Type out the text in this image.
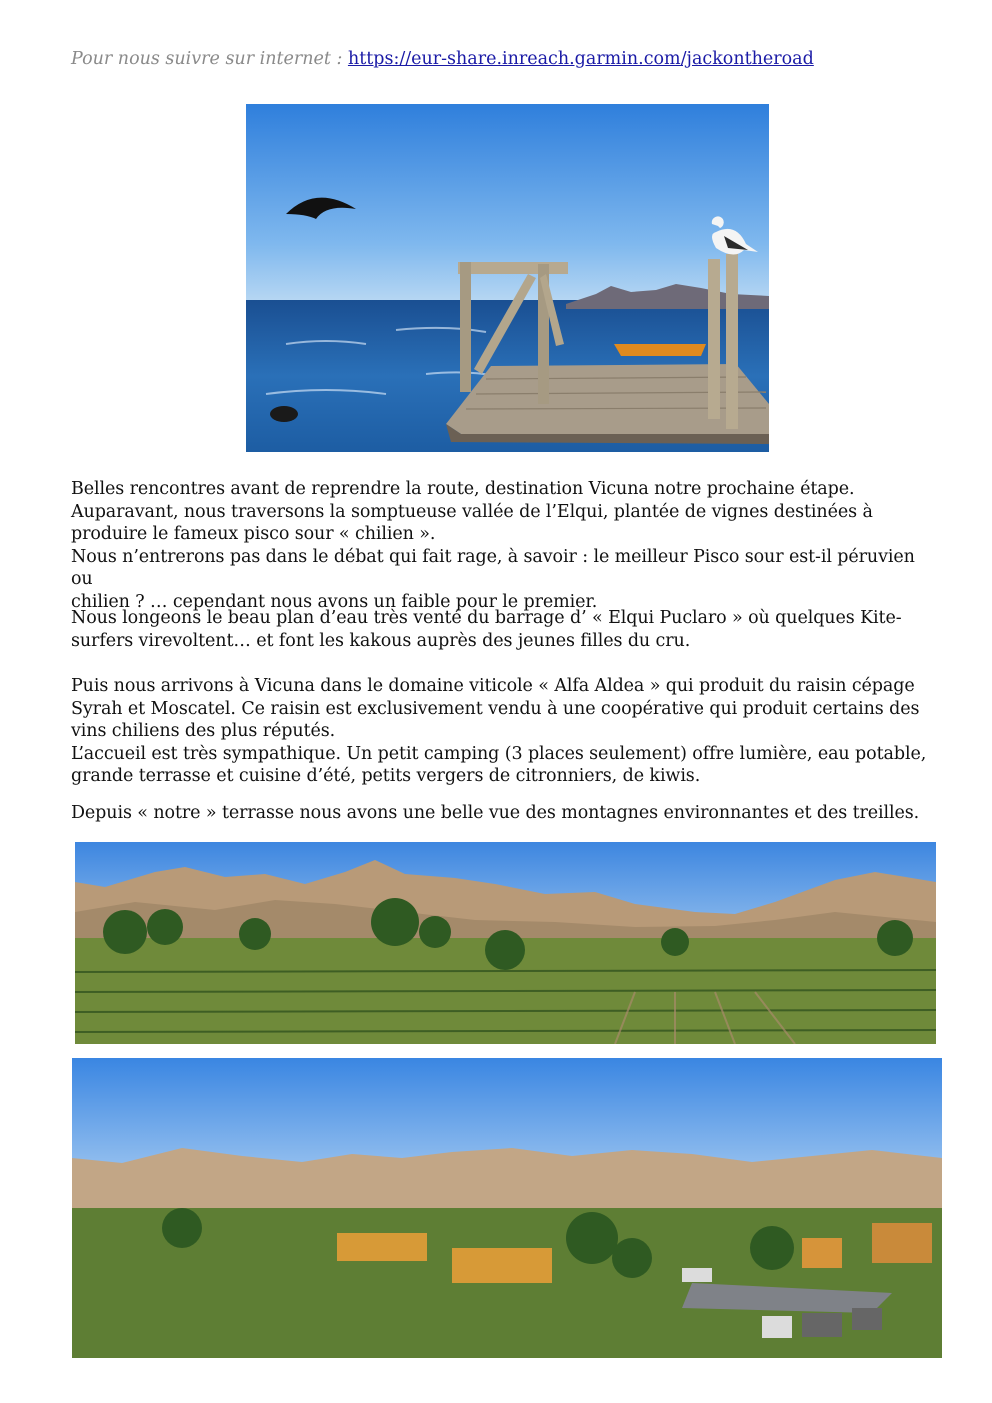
Pour nous suivre sur internet : https://eur-share.inreach.garmin.com/jackontheroad

Belles rencontres avant de reprendre la route, destination Vicuna notre prochaine étape.

Auparavant, nous traversons la somptueuse vallée de l’Elqui, plantée de vignes destinées à

produire le fameux pisco sour « chilien ».

Nous n’entrerons pas dans le débat qui fait rage, à savoir : le meilleur Pisco sour est-il péruvien ou

chilien ? … cependant nous avons un faible pour le premier.

Nous longeons le beau plan d’eau très venté du barrage d’ « Elqui Puclaro » où quelques Kite-

surfers virevoltent… et font les kakous auprès des jeunes filles du cru.

Puis nous arrivons à Vicuna dans le domaine viticole « Alfa Aldea » qui produit du raisin cépage

Syrah et Moscatel. Ce raisin est exclusivement vendu à une coopérative qui produit certains des

vins chiliens des plus réputés.

L’accueil est très sympathique. Un petit camping (3 places seulement) offre lumière, eau potable,

grande terrasse et cuisine d’été, petits vergers de citronniers, de kiwis.

Depuis « notre » terrasse nous avons une belle vue des montagnes environnantes et des treilles.
